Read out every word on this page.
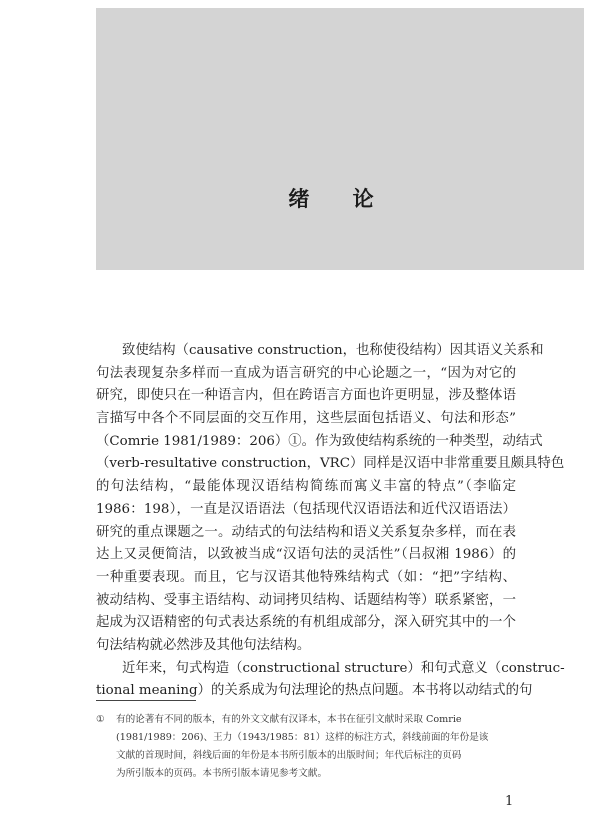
绪 论
致使结构（causative construction，也称使役结构）因其语义关系和
句法表现复杂多样而一直成为语言研究的中心论题之一，“因为对它的
研究，即使只在一种语言内，但在跨语言方面也许更明显，涉及整体语
言描写中各个不同层面的交互作用，这些层面包括语义、句法和形态”
（Comrie 1981/1989：206）①。作为致使结构系统的一种类型，动结式
（verb-resultative construction，VRC）同样是汉语中非常重要且颇具特色
的句法结构，“最能体现汉语结构简练而寓义丰富的特点”（李临定
1986：198），一直是汉语语法（包括现代汉语语法和近代汉语语法）
研究的重点课题之一。动结式的句法结构和语义关系复杂多样，而在表
达上又灵便简洁，以致被当成“汉语句法的灵活性”（吕叔湘 1986）的
一种重要表现。而且，它与汉语其他特殊结构式（如：“把”字结构、
被动结构、受事主语结构、动词拷贝结构、话题结构等）联系紧密，一
起成为汉语精密的句式表达系统的有机组成部分，深入研究其中的一个
句法结构就必然涉及其他句法结构。
近年来，句式构造（constructional structure）和句式意义（construc-
tional meaning）的关系成为句法理论的热点问题。本书将以动结式的句
① 有的论著有不同的版本，有的外文文献有汉译本，本书在征引文献时采取 Comrie
(1981/1989：206)、王力（1943/1985：81）这样的标注方式，斜线前面的年份是该
文献的首现时间，斜线后面的年份是本书所引版本的出版时间；年代后标注的页码
为所引版本的页码。本书所引版本请见参考文献。
1
